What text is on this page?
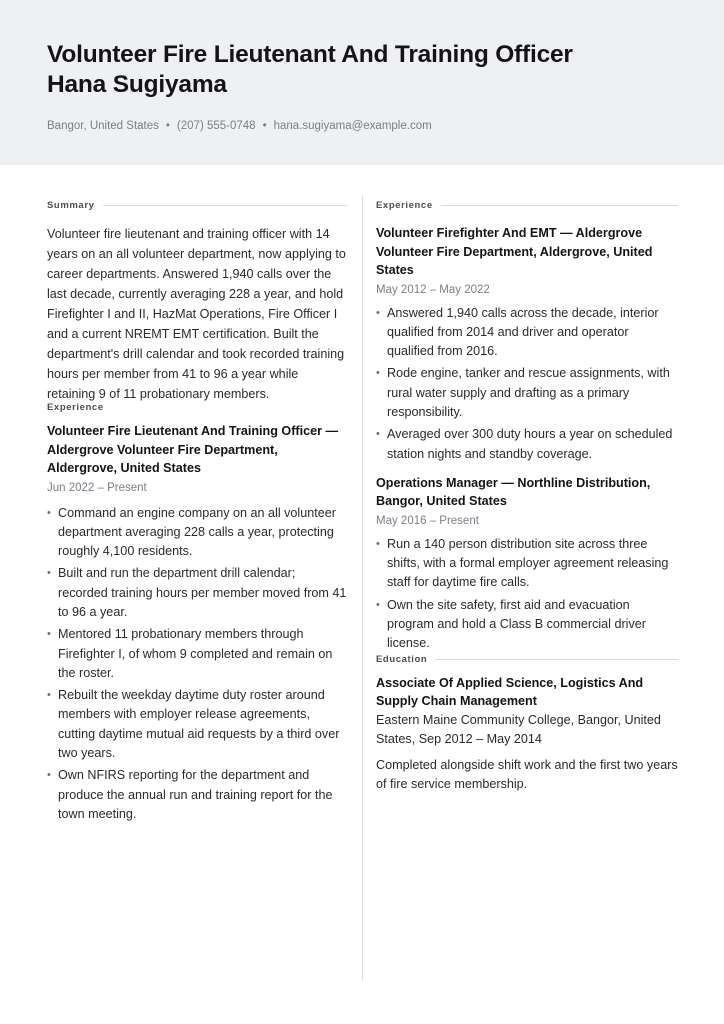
Volunteer Fire Lieutenant And Training Officer
Hana Sugiyama
Bangor, United States • (207) 555-0748 • hana.sugiyama@example.com
Summary

Volunteer fire lieutenant and training officer with 14 years on an all volunteer department, now applying to career departments. Answered 1,940 calls over the last decade, currently averaging 228 a year, and hold Firefighter I and II, HazMat Operations, Fire Officer I and a current NREMT EMT certification. Built the department's drill calendar and took recorded training hours per member from 41 to 96 a year while retaining 9 of 11 probationary members.

Experience
Volunteer Fire Lieutenant And Training Officer — Aldergrove Volunteer Fire Department, Aldergrove, United States
Jun 2022 – Present
• Command an engine company on an all volunteer department averaging 228 calls a year, protecting roughly 4,100 residents.
• Built and run the department drill calendar; recorded training hours per member moved from 41 to 96 a year.
• Mentored 11 probationary members through Firefighter I, of whom 9 completed and remain on the roster.
• Rebuilt the weekday daytime duty roster around members with employer release agreements, cutting daytime mutual aid requests by a third over two years.
• Own NFIRS reporting for the department and produce the annual run and training report for the town meeting.
Experience
Volunteer Firefighter And EMT — Aldergrove Volunteer Fire Department, Aldergrove, United States
May 2012 – May 2022
• Answered 1,940 calls across the decade, interior qualified from 2014 and driver and operator qualified from 2016.
• Rode engine, tanker and rescue assignments, with rural water supply and drafting as a primary responsibility.
• Averaged over 300 duty hours a year on scheduled station nights and standby coverage.
Operations Manager — Northline Distribution, Bangor, United States
May 2016 – Present
• Run a 140 person distribution site across three shifts, with a formal employer agreement releasing staff for daytime fire calls.
• Own the site safety, first aid and evacuation program and hold a Class B commercial driver license.
Education
Associate Of Applied Science, Logistics And Supply Chain Management
Eastern Maine Community College, Bangor, United States, Sep 2012 – May 2014
Completed alongside shift work and the first two years of fire service membership.
